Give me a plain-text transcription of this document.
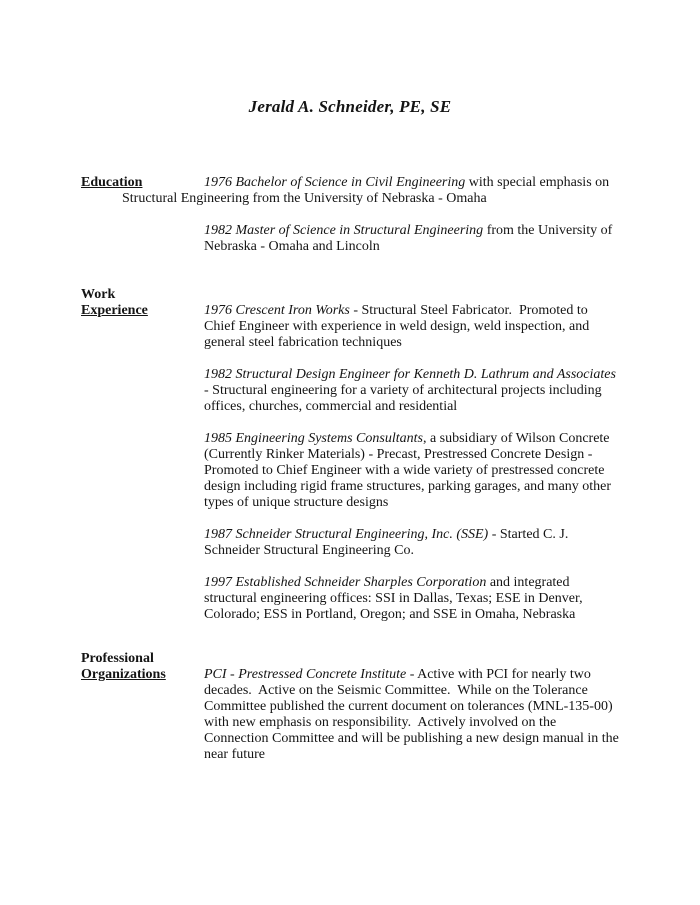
Jerald A. Schneider, PE, SE
Education	1976 Bachelor of Science in Civil Engineering with special emphasis on
Structural Engineering from the University of Nebraska - Omaha
1982 Master of Science in Structural Engineering from the University of
Nebraska - Omaha and Lincoln
Work
Experience	1976 Crescent Iron Works - Structural Steel Fabricator.  Promoted to
Chief Engineer with experience in weld design, weld inspection, and
general steel fabrication techniques
1982 Structural Design Engineer for Kenneth D. Lathrum and Associates
- Structural engineering for a variety of architectural projects including
offices, churches, commercial and residential
1985 Engineering Systems Consultants, a subsidiary of Wilson Concrete
(Currently Rinker Materials) - Precast, Prestressed Concrete Design -
Promoted to Chief Engineer with a wide variety of prestressed concrete
design including rigid frame structures, parking garages, and many other
types of unique structure designs
1987 Schneider Structural Engineering, Inc. (SSE) - Started C. J.
Schneider Structural Engineering Co.
1997 Established Schneider Sharples Corporation and integrated
structural engineering offices: SSI in Dallas, Texas; ESE in Denver,
Colorado; ESS in Portland, Oregon; and SSE in Omaha, Nebraska
Professional
Organizations	PCI - Prestressed Concrete Institute - Active with PCI for nearly two
decades.  Active on the Seismic Committee.  While on the Tolerance
Committee published the current document on tolerances (MNL-135-00)
with new emphasis on responsibility.  Actively involved on the
Connection Committee and will be publishing a new design manual in the
near future
